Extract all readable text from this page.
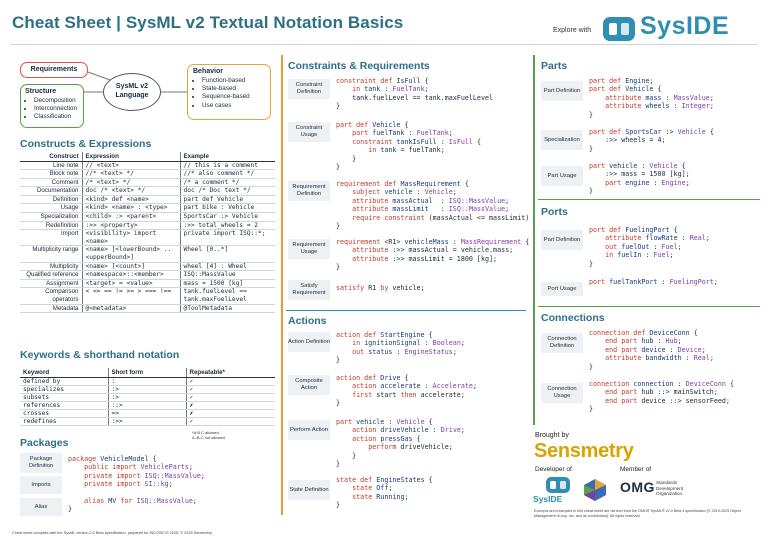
Cheat Sheet | SysML v2 Textual Notation Basics	Explore with SysIDE
Requirements
Structure
• Decomposition
• Interconnection
• Classification
SysML v2
Language
Behavior
• Function-based
• State-based
• Sequence-based
• Use cases
Constructs & Expressions
Construct	Expression	Example
Line note	// <text>	// this is a comment
Block note	//* <text> */	//* also comment */
Comment	/* <text> */	/* a comment */
Documentation	doc /* <text> */	doc /* Doc text */
Definition	<kind> def <name>	part def Vehicle
Usage	<kind> <name> : <type>	part bike : Vehicle
Specialization	<child> :> <parent>	SportsCar :> Vehicle
Redefinition	:>> <property>	:>> total_wheels = 2
Import	<visibility> import <name>	private import ISQ::*;
Multiplicity range	<name> [<lowerBound> ..<upperBound>]	Wheel [0..*]
Multiplicity	<name> [<count>]	wheel [4] : Wheel
Qualified reference	<namespace>::<member>	ISQ::MassValue
Assignment	<target> = <value>	mass = 1500 [kg]
Comparison operators	< <= == != >= > === !==	tank.fuelLevel == tank.maxFuelLevel
Metadata	@<metadata>	@ToolMetadata
Keywords & shorthand notation
Keyword	Short form	Repeatable*
defined by	:	✓
specializes	:>	✓
subsets	:>	✓
references	::>	✗
crosses	=>	✗
redefines	:>>	✓
*A:B,C allowed
A::B,C not allowed
Packages
Package Definition
Imports
Alias
package VehicleModel {
public import VehicleParts;
private import ISQ::MassValue;
private import SI::kg;

alias MV for ISQ::MassValue;
}
Constraints & Requirements
Constraint Definition
constraint def IsFull {
in tank : FuelTank;
tank.fuelLevel == tank.maxFuelLevel
}
Constraint Usage
part def Vehicle {
part fuelTank : FuelTank;
constraint tankIsFull : IsFull {
in tank = fuelTank;
}
}
Requirement Definition
requirement def MassRequirement {
subject vehicle : Vehicle;
attribute massActual  : ISQ::MassValue;
attribute massLimit   : ISQ::MassValue;
require constraint (massActual <= massLimit)
}
Requirement Usage
requirement <R1> vehicleMass : MassRequirement {
attribute :>> massActual = vehicle.mass;
attribute :>> massLimit = 1800 [kg];
}
Satisfy Requirement
satisfy R1 by vehicle;
Actions
Action Definition
action def StartEngine {
in ignitionSignal : Boolean;
out status : EngineStatus;
}
Composite Action
action def Drive {
action accelerate : Accelerate;
first start then accelerate;
}
Perform Action
part vehicle : Vehicle {
action driveVehicle : Drive;
action pressGas {
perform driveVehicle;
}
}
State Definition
state def EngineStates {
state Off;
state Running;
}
Parts
Part Definition
part def Engine;
part def Vehicle {
attribute mass : MassValue;
attribute wheels : Integer;
}
Specialization
part def SportsCar :> Vehicle {
:>> wheels = 4;
}
Part Usage
part vehicle : Vehicle {
:>> mass = 1500 [kg];
part engine : Engine;
}
Ports
Part Definition
port def FuelingPort {
attribute flowRate : Real;
out fuelOut : Fuel;
in fuelIn : Fuel;
}
Port Usage
port fuelTankPort : FuelingPort;
Connections
Connection Definition
connection def DeviceConn {
end part hub : Hub;
end part device : Device;
attribute bandwidth : Real;
}
Connection Usage
connection connection : DeviceConn {
end part hub ::> mainSwitch;
end part device ::> sensorFeed;
}
Brought by
Sensmetry
Developer of	Member of
SysIDE
OMG Standards
Development
Organization.
Excerpts and examples in this cheat sheet are derived from the OMG® SysML® v2.0 Beta 4 specification (© 2019-2025 Object Management Group, Inc. and its contributors). All rights reserved.
Cheat sheet complies with the SysML version 2.0 Beta specification, prepared for INCOSE IS 2025. © 2025 Sensmetry.
